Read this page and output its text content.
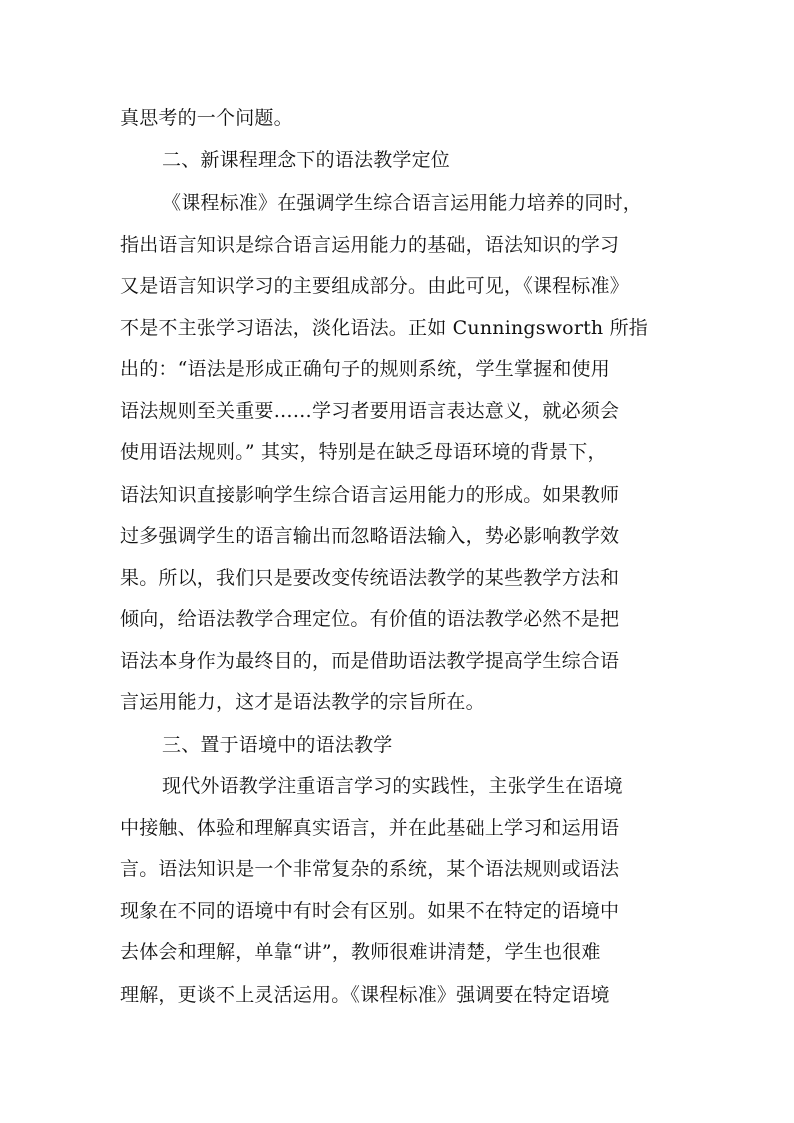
真思考的一个问题。
二、新课程理念下的语法教学定位
《课程标准》在强调学生综合语言运用能力培养的同时，
指出语言知识是综合语言运用能力的基础，语法知识的学习
又是语言知识学习的主要组成部分。由此可见，《课程标准》
不是不主张学习语法，淡化语法。正如 Cunningsworth 所指
出的：“语法是形成正确句子的规则系统，学生掌握和使用
语法规则至关重要……学习者要用语言表达意义，就必须会
使用语法规则。” 其实，特别是在缺乏母语环境的背景下，
语法知识直接影响学生综合语言运用能力的形成。如果教师
过多强调学生的语言输出而忽略语法输入，势必影响教学效
果。所以，我们只是要改变传统语法教学的某些教学方法和
倾向，给语法教学合理定位。有价值的语法教学必然不是把
语法本身作为最终目的，而是借助语法教学提高学生综合语
言运用能力，这才是语法教学的宗旨所在。
三、置于语境中的语法教学
现代外语教学注重语言学习的实践性，主张学生在语境
中接触、体验和理解真实语言，并在此基础上学习和运用语
言。语法知识是一个非常复杂的系统，某个语法规则或语法
现象在不同的语境中有时会有区别。如果不在特定的语境中
去体会和理解，单靠“讲”，教师很难讲清楚，学生也很难
理解，更谈不上灵活运用。《课程标准》强调要在特定语境
